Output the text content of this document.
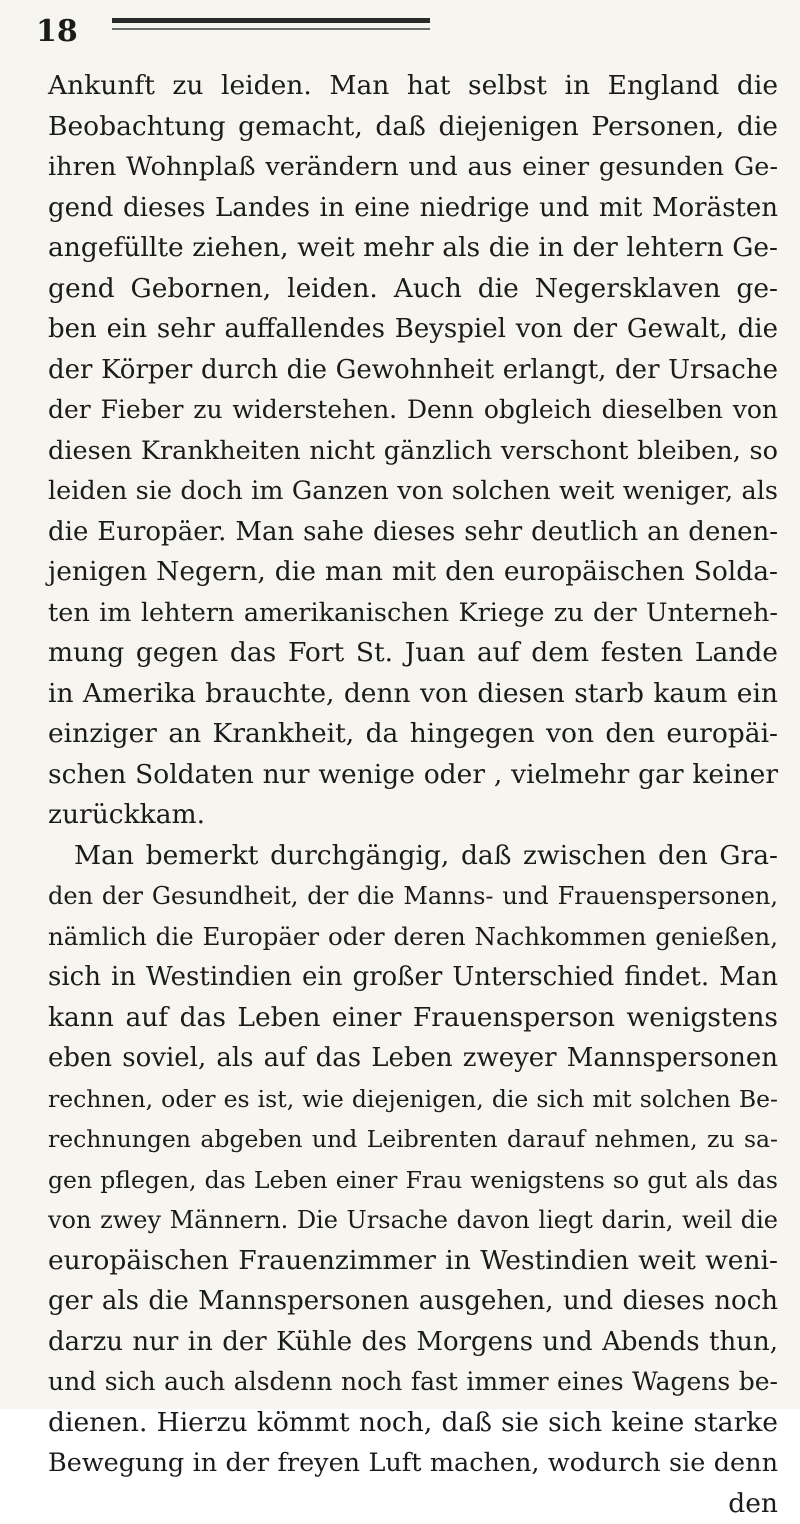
18
Ankunft zu leiden. Man hat selbst in England die
Beobachtung gemacht, daß diejenigen Personen, die
ihren Wohnplaß verändern und aus einer gesunden Ge-
gend dieses Landes in eine niedrige und mit Morästen
angefüllte ziehen, weit mehr als die in der lehtern Ge-
gend Gebornen, leiden. Auch die Negersklaven ge-
ben ein sehr auffallendes Beyspiel von der Gewalt, die
der Körper durch die Gewohnheit erlangt, der Ursache
der Fieber zu widerstehen. Denn obgleich dieselben von
diesen Krankheiten nicht gänzlich verschont bleiben, so
leiden sie doch im Ganzen von solchen weit weniger, als
die Europäer. Man sahe dieses sehr deutlich an denen-
jenigen Negern, die man mit den europäischen Solda-
ten im lehtern amerikanischen Kriege zu der Unterneh-
mung gegen das Fort St. Juan auf dem festen Lande
in Amerika brauchte, denn von diesen starb kaum ein
einziger an Krankheit, da hingegen von den europäi-
schen Soldaten nur wenige oder , vielmehr gar keiner
zurückkam.
Man bemerkt durchgängig, daß zwischen den Gra-
den der Gesundheit, der die Manns- und Frauenspersonen,
nämlich die Europäer oder deren Nachkommen genießen,
sich in Westindien ein großer Unterschied findet. Man
kann auf das Leben einer Frauensperson wenigstens
eben soviel, als auf das Leben zweyer Mannspersonen
rechnen, oder es ist, wie diejenigen, die sich mit solchen Be-
rechnungen abgeben und Leibrenten darauf nehmen, zu sa-
gen pflegen, das Leben einer Frau wenigstens so gut als das
von zwey Männern. Die Ursache davon liegt darin, weil die
europäischen Frauenzimmer in Westindien weit weni-
ger als die Mannspersonen ausgehen, und dieses noch
darzu nur in der Kühle des Morgens und Abends thun,
und sich auch alsdenn noch fast immer eines Wagens be-
dienen. Hierzu kömmt noch, daß sie sich keine starke
Bewegung in der freyen Luft machen, wodurch sie denn
den
